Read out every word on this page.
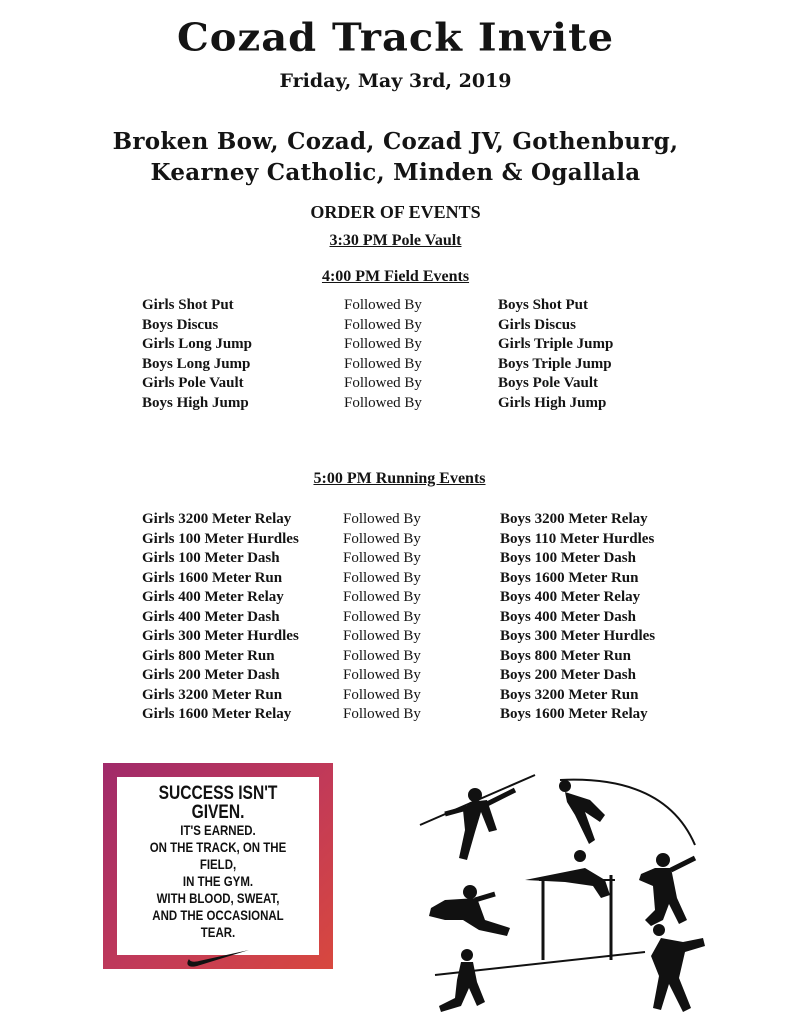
Cozad Track Invite
Friday, May 3rd, 2019
Broken Bow, Cozad, Cozad JV, Gothenburg,
Kearney Catholic, Minden & Ogallala
ORDER OF EVENTS
3:30 PM Pole Vault
4:00 PM Field Events
Girls Shot Put	Followed By	Boys Shot Put
Boys Discus	Followed By	Girls Discus
Girls Long Jump	Followed By	Girls Triple Jump
Boys Long Jump	Followed By	Boys Triple Jump
Girls Pole Vault	Followed By	Boys Pole Vault
Boys High Jump	Followed By	Girls High Jump
5:00 PM Running Events
Girls 3200 Meter Relay	Followed By	Boys 3200 Meter Relay
Girls 100 Meter Hurdles	Followed By	Boys 110 Meter Hurdles
Girls 100 Meter Dash	Followed By	Boys 100 Meter Dash
Girls 1600 Meter Run	Followed By	Boys 1600 Meter Run
Girls 400 Meter Relay	Followed By	Boys 400 Meter Relay
Girls 400 Meter Dash	Followed By	Boys 400 Meter Dash
Girls 300 Meter Hurdles	Followed By	Boys 300 Meter Hurdles
Girls 800 Meter Run	Followed By	Boys 800 Meter Run
Girls 200 Meter Dash	Followed By	Boys 200 Meter Dash
Girls 3200 Meter Run	Followed By	Boys 3200 Meter Run
Girls 1600 Meter Relay	Followed By	Boys 1600 Meter Relay
SUCCESS ISN'T
GIVEN.
IT'S EARNED.
ON THE TRACK, ON THE FIELD,
IN THE GYM.
WITH BLOOD, SWEAT,
AND THE OCCASIONAL TEAR.
